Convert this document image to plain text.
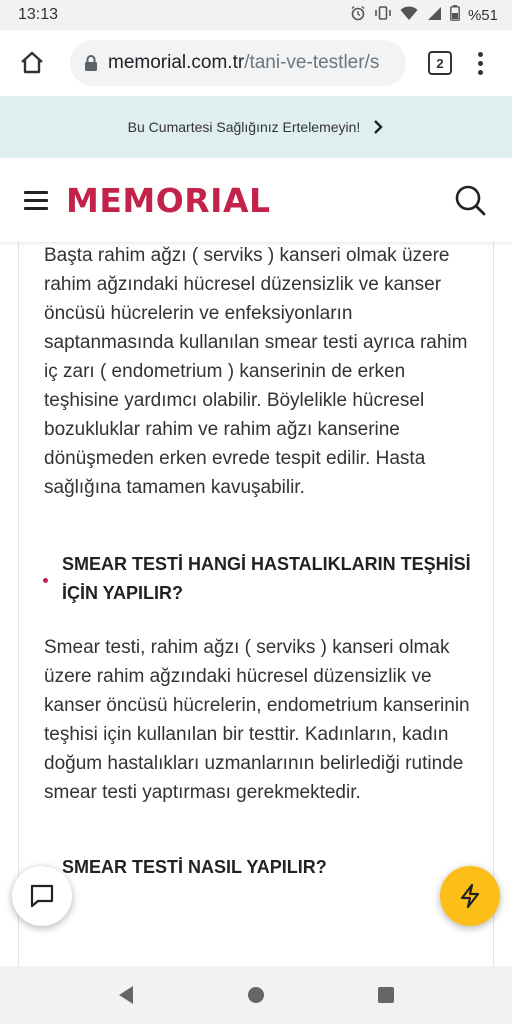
13:13	%51
memorial.com.tr /tani-ve-testler/s	2
Bu Cumartesi Sağlığınız Ertelemeyin!
MEMORIAL

Başta rahim ağzı ( serviks ) kanseri olmak üzere rahim ağzındaki hücresel düzensizlik ve kanser öncüsü hücrelerin ve enfeksiyonların saptanmasında kullanılan smear testi ayrıca rahim iç zarı ( endometrium ) kanserinin de erken teşhisine yardımcı olabilir. Böylelikle hücresel bozukluklar rahim ve rahim ağzı kanserine dönüşmeden erken evrede tespit edilir. Hasta sağlığına tamamen kavuşabilir.

SMEAR TESTİ HANGİ HASTALIKLARIN TEŞHİSİ İÇİN YAPILIR?

Smear testi, rahim ağzı ( serviks ) kanseri olmak üzere rahim ağzındaki hücresel düzensizlik ve kanser öncüsü hücrelerin, endometrium kanserinin teşhisi için kullanılan bir testtir. Kadınların, kadın doğum hastalıkları uzmanlarının belirlediği rutinde smear testi yaptırması gerekmektedir.

SMEAR TESTİ NASIL YAPILIR?
